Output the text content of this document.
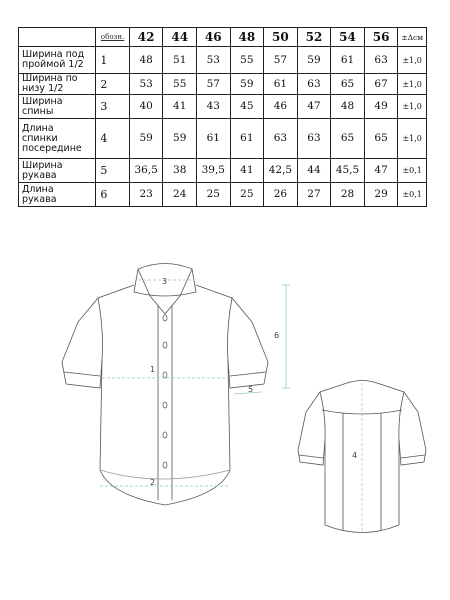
	обозн.	42	44	46	48	50	52	54	56	±Δсм
Ширина под
проймой 1/2	1	48	51	53	55	57	59	61	63	±1,0
Ширина по
низу 1/2	2	53	55	57	59	61	63	65	67	±1,0
Ширина
спины	3	40	41	43	45	46	47	48	49	±1,0
Длина
спинки
посередине	4	59	59	61	61	63	63	65	65	±1,0
Ширина
рукава	5	36,5	38	39,5	41	42,5	44	45,5	47	±0,1
Длина
рукава	6	23	24	25	25	26	27	28	29	±0,1
1
2
3
5
6
4
